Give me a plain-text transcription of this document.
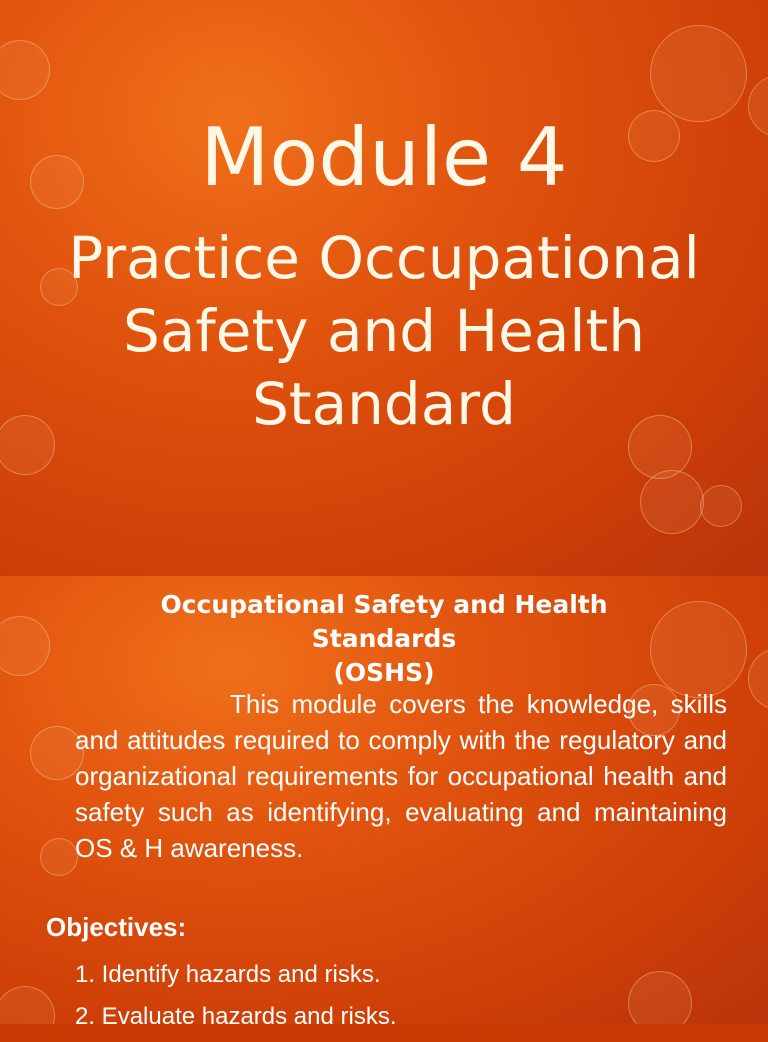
Module 4
Practice Occupational
Safety and Health
Standard
Occupational Safety and Health
Standards
(OSHS)
This module covers the knowledge, skills and attitudes required to comply with the regulatory and organizational requirements for occupational health and safety such as identifying, evaluating and maintaining OS & H awareness.
Objectives:
1. Identify hazards and risks.
2. Evaluate hazards and risks.
